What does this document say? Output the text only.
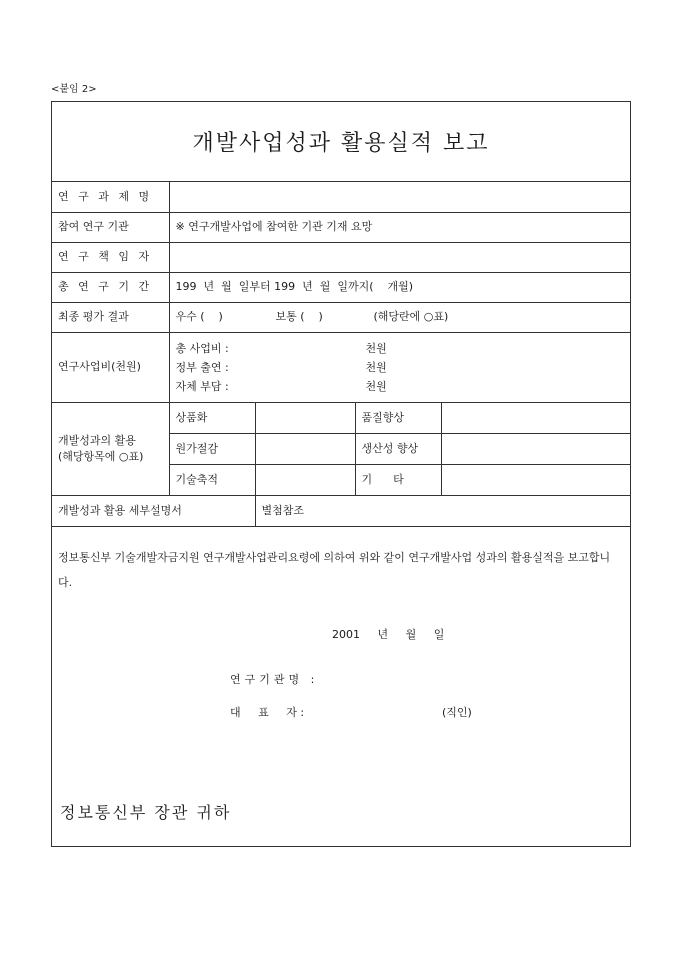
<붙임 2>
개발사업성과 활용실적 보고
연 구 과 제 명				
참여 연구 기관	※ 연구개발사업에 참여한 기관 기재 요망			
연 구 책 임 자				
총 연 구 기 간	199  년  월  일부터 199  년  월  일까지(    개월)			
최종 평가 결과	우수 (    ) 보통 (    ) (해당란에 ○표)			
연구사업비(천원)	총 사업비 : 천원
정부 출연 : 천원
자체 부담 : 천원			

개발성과의 활용
(해당항목에 ○표)	상품화		품질향상	
	원가절감		생산성 향상	
	기술축적		기      타	
개발성과 활용 세부설명서		별첨참조		
정보통신부 기술개발자금지원 연구개발사업관리요령에 의하여 위와 같이 연구개발사업 성과의 활용실적을 보고합니다.
2001 년 월 일
연구기관명 :
대     표     자 :	(직인)
정보통신부 장관 귀하
